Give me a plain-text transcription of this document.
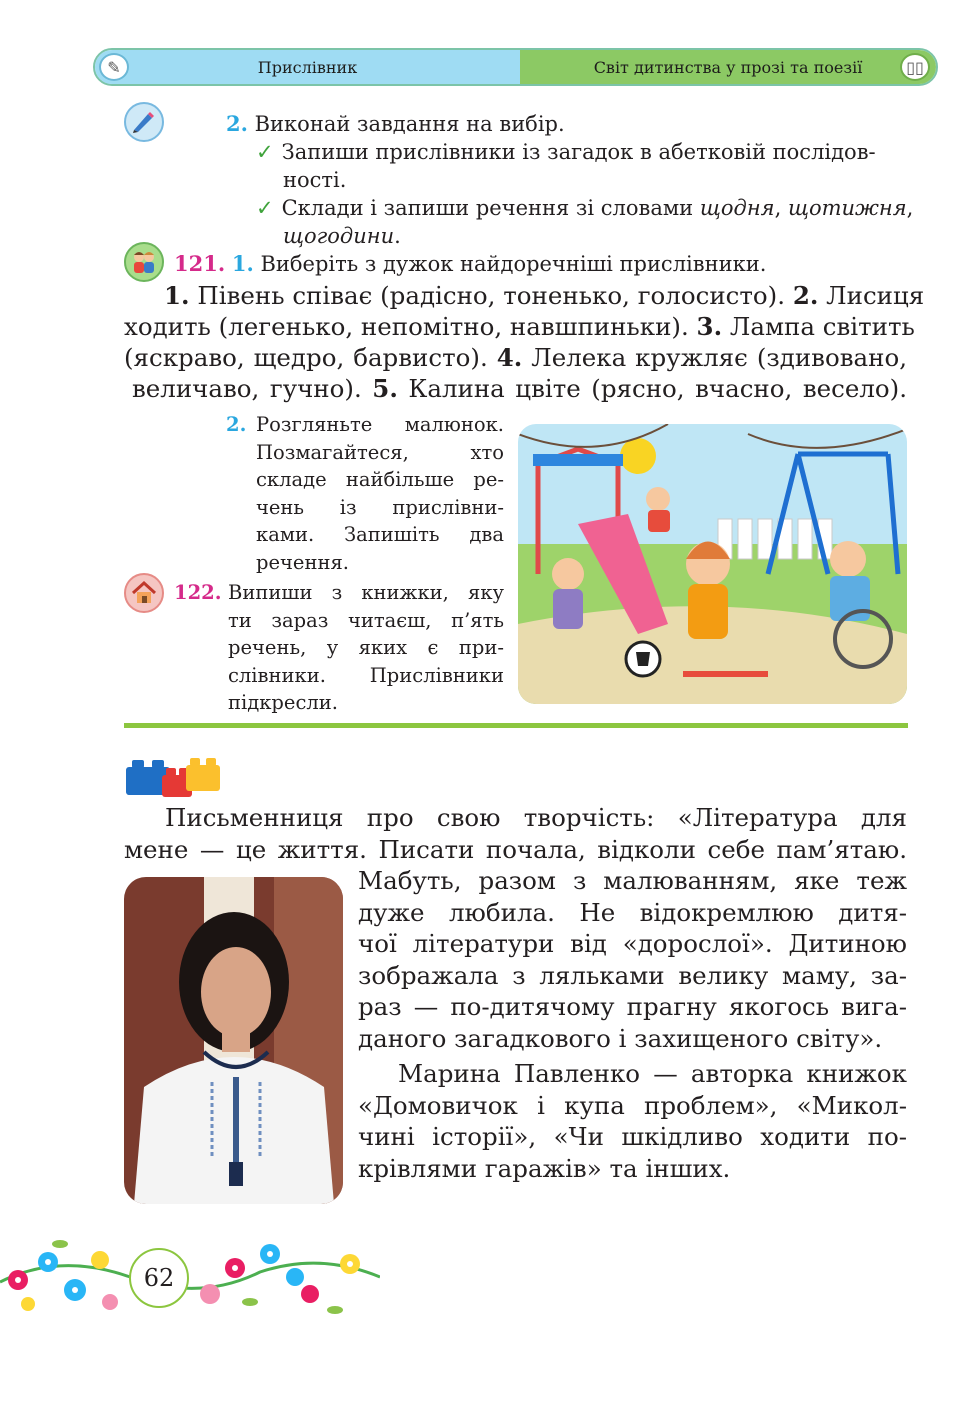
✎	Прислівник	Світ дитинства у прозі та поезії	▯▯
2. Виконай завдання на вибір.
✓ Запиши прислівники із загадок в абетковій послідов-
ності.
✓ Склади і запиши речення зі словами щодня, щотижня,
щогодини.
121. 1. Виберіть з дужок найдоречніші прислівники.
1. Півень співає (радісно, тоненько, голосисто). 2. Лисиця
ходить (легенько, непомітно, навшпиньки). 3. Лампа світить
(яскраво, щедро, барвисто). 4. Лелека кружляє (здивовано,
величаво, гучно). 5. Калина цвіте (рясно, вчасно, весело).
2. Розгляньте малюнок.
Позмагайтеся, хто
складе найбільше ре-
чень із прислівни-
ками. Запишіть два
речення.
122. Випиши з книжки, яку
ти зараз читаєш, п’ять
речень, у яких є при-
слівники. Прислівники
підкресли.
Письменниця про свою творчість: «Література для
мене — це життя. Писати почала, відколи себе пам’ятаю.
Мабуть, разом з малюванням, яке теж
дуже любила. Не відокремлюю дитя-
чої літератури від «дорослої». Дитиною
зображала з ляльками велику маму, за-
раз — по-дитячому прагну якогось вига-
даного загадкового і захищеного світу».
Марина Павленко — авторка книжок
«Домовичок і купа проблем», «Микол-
чині історії», «Чи шкідливо ходити по-
крівлями гаражів» та інших.
62
